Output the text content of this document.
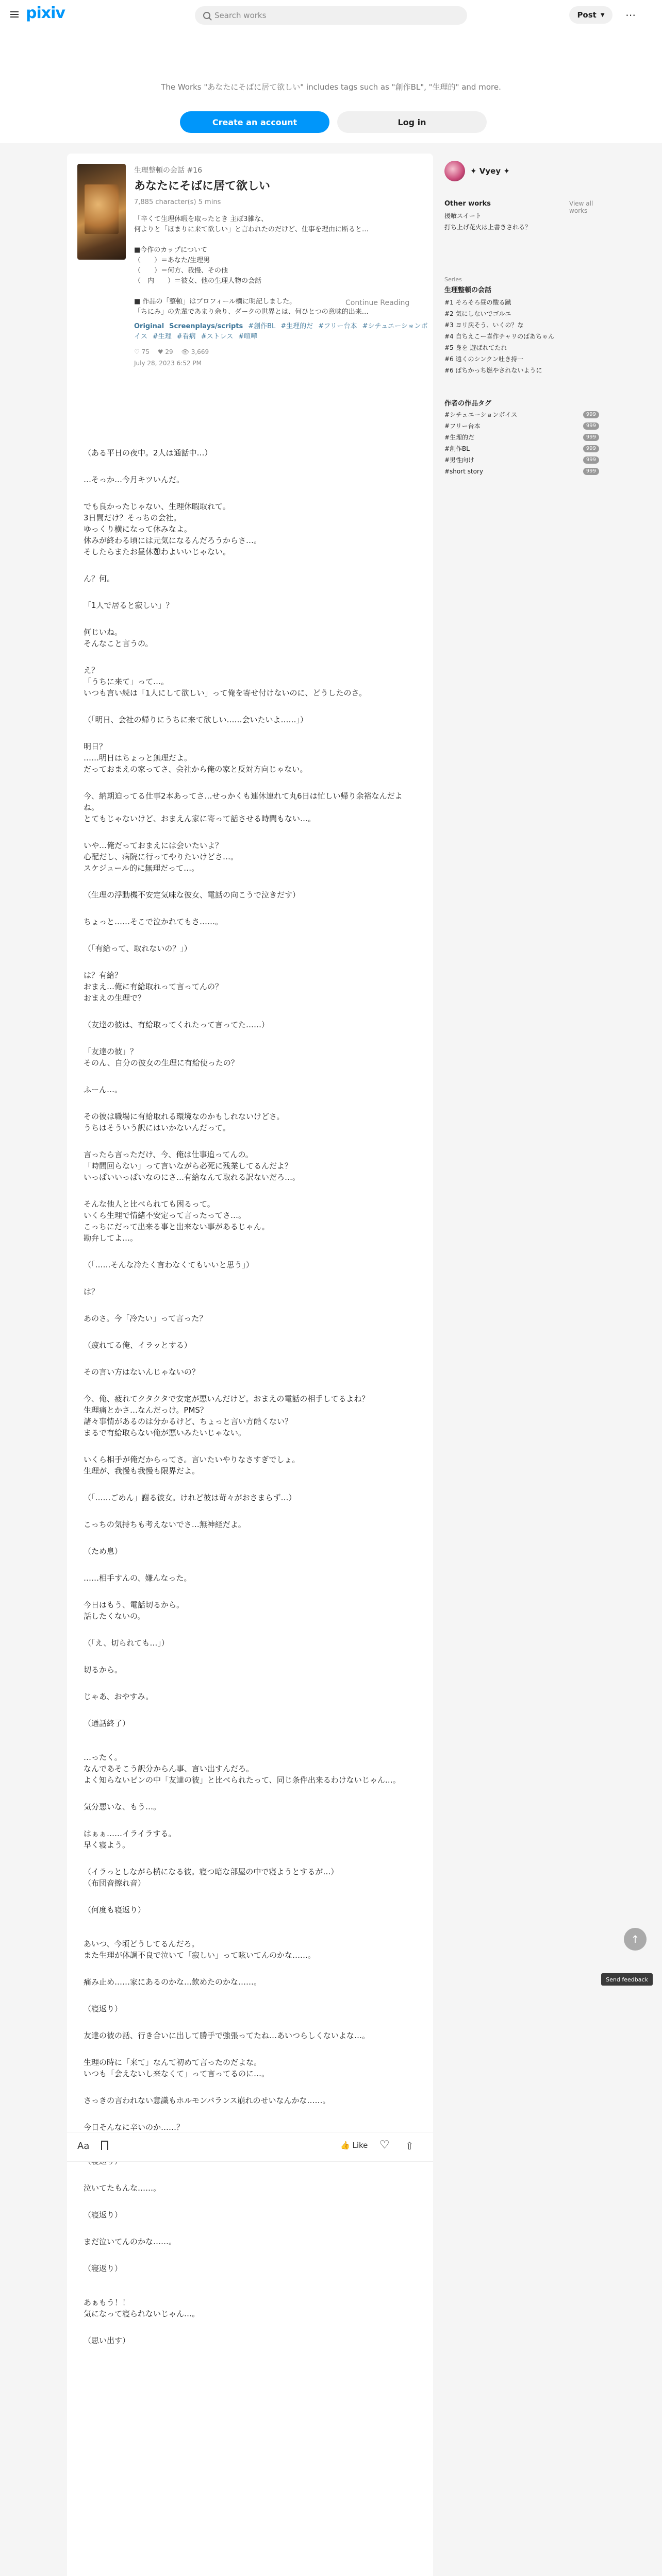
pixiv	Search works	Post ▼	⋯
The Works "あなたにそばに居て欲しい" includes tags such as "創作BL", "生理的" and more.
Create an account	Log in
生理整頓の会話 #16
あなたにそばに居て欲しい
7,885 character(s) 5 mins
「辛くて生理休暇を取ったとき 主ぽ3雑な、
何よりと「ほまりに来て欲しい」と言われたのだけど、仕事を理由に断ると…

■今作のカップについて
（　　）＝あなた/生理男
（　　）＝何方、我慢、その他
（　内　　）＝彼女、他の生理人物の会話

■ 作品の「整頓」はプロフィール欄に明記しました。
「ちにみ」の先輩であまり余り、ダークの世界とは、何ひとつの意味的出来…
Continue Reading
Original Screenplays/scripts #創作BL #生理的だ #フリー台本 #シチュエーションボイス #生理 #看病 #ストレス #喧嘩
♡ 75 ♥ 29 👁 3,669
July 28, 2023 6:52 PM
（ある平日の夜中。2人は通話中…）
…そっか…今月キツいんだ。
でも良かったじゃない、生理休暇取れて。
3日間だけ？そっちの会社。
ゆっくり横になって休みなよ。
休みが終わる頃には元気になるんだろうからさ…。
そしたらまたお昼休憩わよいいじゃない。
ん？何。
「1人で居ると寂しい」？
何じいね。
そんなこと言うの。
え？
「うちに来て」って…。
いつも言い続は「1人にして欲しい」って俺を寄せ付けないのに、どうしたのさ。
（「明日、会社の帰りにうちに来て欲しい……会いたいよ……」）
明日？
……明日はちょっと無理だよ。
だっておまえの家ってさ、会社から俺の家と反対方向じゃない。
今、納期迫ってる仕事2本あってさ…せっかくも連休連れて丸6日は忙しい帰り余裕なんだよね。
とてもじゃないけど、おまえん家に寄って話させる時間もない…。
いや…俺だっておまえには会いたいよ？
心配だし、病院に行ってやりたいけどさ…。
スケジュール的に無理だって…。
（生理の浮動機不安定気味な彼女、電話の向こうで泣きだす）
ちょっと……そこで泣かれてもさ……。
（「有給って、取れないの？」）
は？有給？
おまえ…俺に有給取れって言ってんの？
おまえの生理で？
（友達の彼は、有給取ってくれたって言ってた……）
「友達の彼」？
そのん、自分の彼女の生理に有給使ったの？
ふーん…。
その彼は職場に有給取れる環境なのかもしれないけどさ。
うちはそういう訳にはいかないんだって。
言ったら言っただけ、今、俺は仕事追ってんの。
「時間回らない」って言いながら必死に残業してるんだよ？
いっぱいいっぱいなのにさ…有給なんて取れる訳ないだろ…。
そんな他人と比べられても困るって。
いくら生理で情緒不安定って言ったってさ…。
こっちにだって出来る事と出来ない事があるじゃん。
勘弁してよ…。
（「……そんな冷たく言わなくてもいいと思う」）
は？
あのさ。今「冷たい」って言った？
（疲れてる俺、イラッとする）
その言い方はないんじゃないの？
今、俺、疲れてクタクタで安定が悪いんだけど。おまえの電話の相手してるよね？
生理痛とかさ…なんだっけ。PMS？
諸々事情があるのは分かるけど、ちょっと言い方酷くない？
まるで有給取らない俺が悪いみたいじゃない。
いくら相手が俺だからってさ。言いたいやりなさすぎでしょ。
生理が、我慢も我慢も限界だよ。
（「……ごめん」謝る彼女。けれど彼は苛々がおさまらず…）
こっちの気持ちも考えないでさ…無神経だよ。
（ため息）
……相手すんの、嫌んなった。
今日はもう、電話切るから。
話したくないの。
（「え、切られても…」）
切るから。
じゃあ、おやすみ。
（通話終了）
…ったく。
なんであそこう訳分からん事、言い出すんだろ。
よく知らないビンの中「友達の彼」と比べられたって、同じ条件出来るわけないじゃん…。
気分悪いな、もう…。
はぁぁ……イライラする。
早く寝よう。
（イラっとしながら横になる彼。寝つ暗な部屋の中で寝ようとするが…）
（布団音擦れ音）
（何度も寝返り）
あいつ、今頃どうしてるんだろ。
また生理が体調不良で泣いて「寂しい」って呟いてんのかな……。
痛み止め……家にあるのかな…飲めたのかな……。
（寝返り）
友達の彼の話、行き合いに出して勝手で強張ってたね…あいつらしくないよな…。
生理の時に「来て」なんて初めて言ったのだよな。
いつも「会えないし来なくて」って言ってるのに…。
さっきの言われない意識もホルモンバランス崩れのせいなんかな……。
今日そんなに辛いのか……？
泣いてたもんな……。
（寝返り）
まだ泣いてんのかな……。
（寝返り）
あぁもう！！
気になって寝られないじゃん…。
（思い出す）
Aa	👍 Like ♡ ⇧
✦ Vyey ✦
Other works	View all works
援喰スイート
打ち上げ花火は上書きされる？
Series
生理整頓の会話
#1 そろそろ昼の酸る蹴
#2 気にしないでゴルエ
#3 ヨリ戻そう、いくの？な
#4 自ちえこー喜作チャリのばあちゃん
#5 身を 遊ばれてたれ
#6 遠くのシンクン吐き持一
#6 ぱちかっち燃やされないように
作者の作品タグ
#シチュエーションボイス	999
#フリー台本	999
#生理的だ	999
#創作BL	999
#男性向け	999
#short story	999
↑
Send feedback
